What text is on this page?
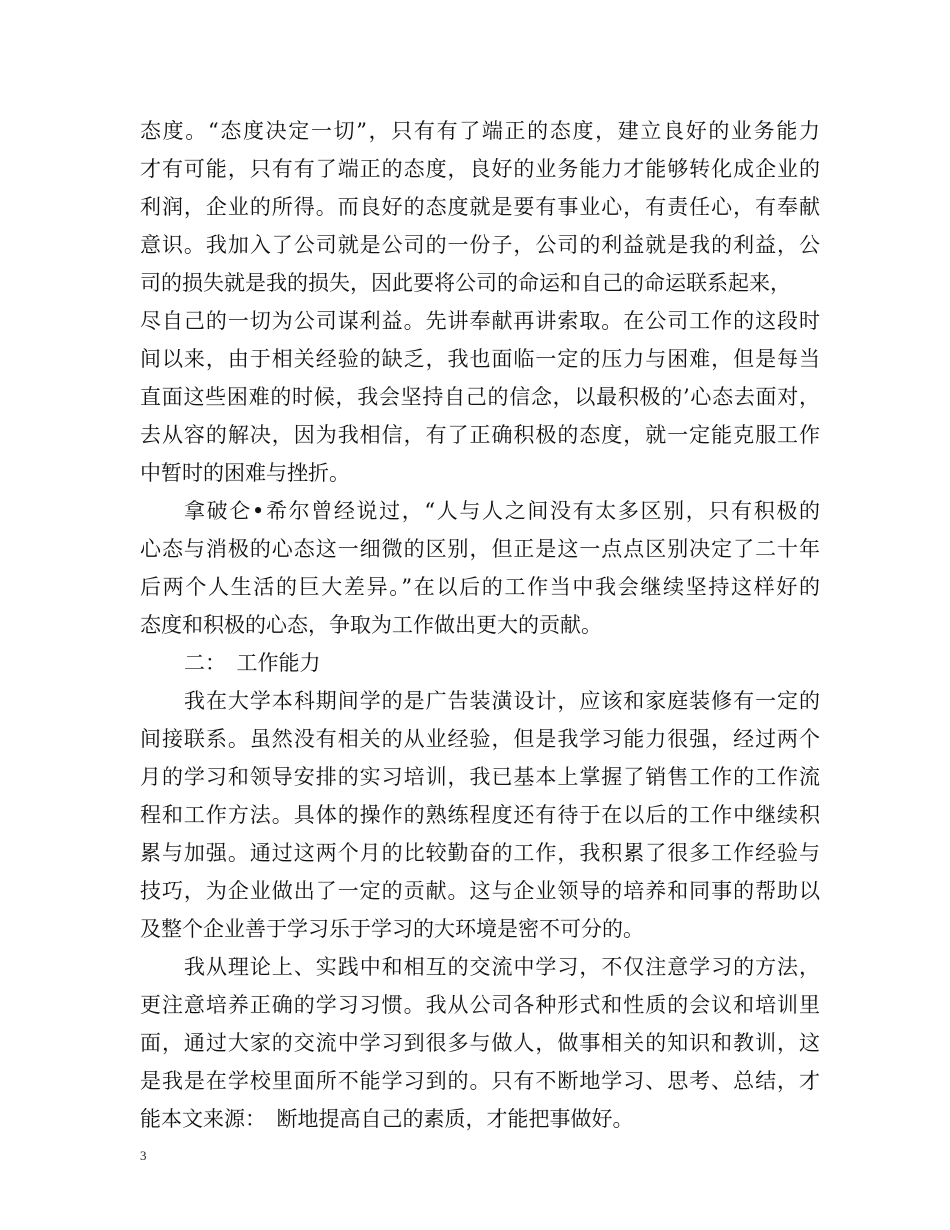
态度。“态度决定一切”，只有有了端正的态度，建立良好的业务能力
才有可能，只有有了端正的态度，良好的业务能力才能够转化成企业的
利润，企业的所得。而良好的态度就是要有事业心，有责任心，有奉献
意识。我加入了公司就是公司的一份子，公司的利益就是我的利益，公
司的损失就是我的损失，因此要将公司的命运和自己的命运联系起来，
尽自己的一切为公司谋利益。先讲奉献再讲索取。在公司工作的这段时
间以来，由于相关经验的缺乏，我也面临一定的压力与困难，但是每当
直面这些困难的时候，我会坚持自己的信念，以最积极的’心态去面对，
去从容的解决，因为我相信，有了正确积极的态度，就一定能克服工作
中暂时的困难与挫折。
拿破仑•希尔曾经说过，“人与人之间没有太多区别，只有积极的
心态与消极的心态这一细微的区别，但正是这一点点区别决定了二十年
后两个人生活的巨大差异。”在以后的工作当中我会继续坚持这样好的
态度和积极的心态，争取为工作做出更大的贡献。
二：　工作能力
我在大学本科期间学的是广告装潢设计，应该和家庭装修有一定的
间接联系。虽然没有相关的从业经验，但是我学习能力很强，经过两个
月的学习和领导安排的实习培训，我已基本上掌握了销售工作的工作流
程和工作方法。具体的操作的熟练程度还有待于在以后的工作中继续积
累与加强。通过这两个月的比较勤奋的工作，我积累了很多工作经验与
技巧，为企业做出了一定的贡献。这与企业领导的培养和同事的帮助以
及整个企业善于学习乐于学习的大环境是密不可分的。
我从理论上、实践中和相互的交流中学习，不仅注意学习的方法，
更注意培养正确的学习习惯。我从公司各种形式和性质的会议和培训里
面，通过大家的交流中学习到很多与做人，做事相关的知识和教训，这
是我是在学校里面所不能学习到的。只有不断地学习、思考、总结，才
能本文来源：　断地提高自己的素质，才能把事做好。
3
